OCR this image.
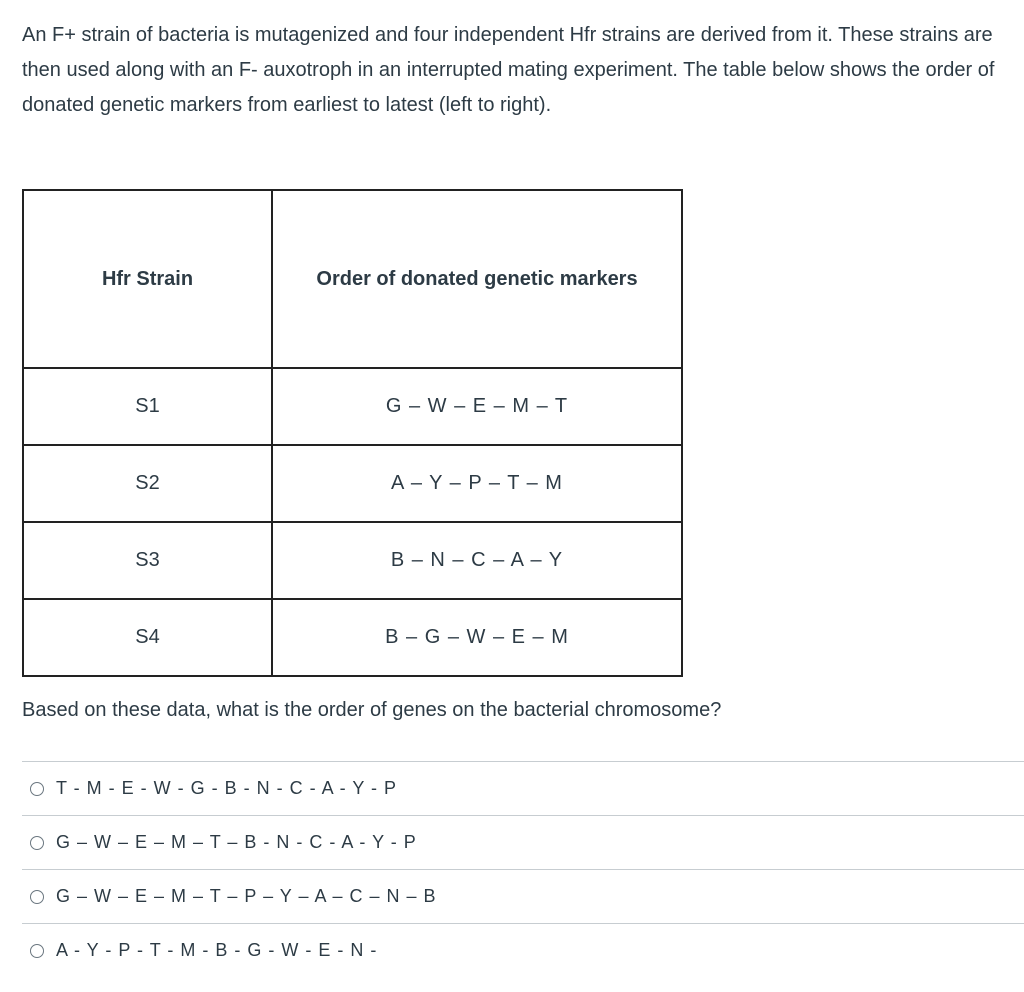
An F+ strain of bacteria is mutagenized and four independent Hfr strains are derived from it. These strains are then used along with an F- auxotroph in an interrupted mating experiment. The table below shows the order of donated genetic markers from earliest to latest (left to right).

Hfr Strain	Order of donated genetic markers
S1	G – W – E – M – T
S2	A – Y – P – T – M
S3	B – N – C – A – Y
S4	B – G – W – E – M

Based on these data, what is the order of genes on the bacterial chromosome?

T - M - E - W - G - B - N - C - A - Y - P
G – W – E – M – T – B - N - C - A - Y - P
G – W – E – M – T – P – Y – A – C – N – B
A - Y - P - T - M - B - G - W - E - N -
